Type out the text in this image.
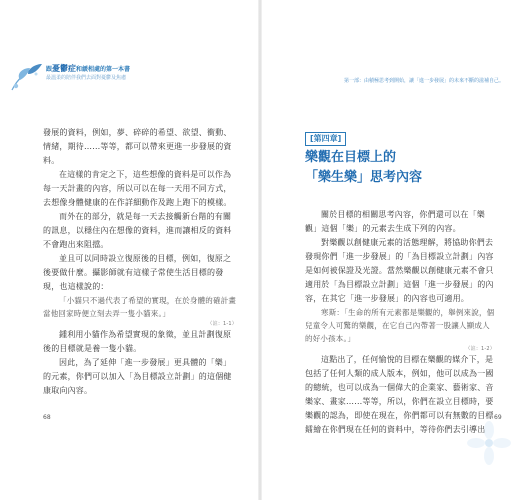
跟憂鬱症和緩相處的第一本書
最溫柔的陪伴我們去面對憂鬱及焦慮

發展的資料，例如，夢、碎碎的希望、欲望、衝動、情緒，期待……等等，都可以帶來更進一步發展的資料。

在這樣的肯定之下，這些想像的資料是可以作為每一天計畫的內容，所以可以在每一天用不同方式，去想像身體健康的在作詳細動作及跑上跑下的模樣。

而外在的部分，就是每一天去接觸新台階的有關的訊息，以穩住內在想像的資料，進而讓相反的資料不會跑出來阻擋。

並且可以同時設立復原後的目標，例如，復原之後要做什麼。攝影師就有這樣子常使生活目標的發現，也這樣說的：

「小貓只不過代表了希望的實現，在於身體的確計畫當他回家時便立刻去弄一隻小貓來。」

（註：1-1）

鍾利用小貓作為希望實現的象徵，並且計劃復原後的目標就是養一隻小貓。

因此，為了延伸「進一步發展」更具體的「樂」的元素，你們可以加入「為目標設立計劃」的這個健康取向內容。

68
第一部：由積極思考到開始，讓「進一步發展」的未來不斷的滋補自己。
[第四章]
樂觀在目標上的
「樂生樂」思考內容

關於目標的相關思考內容，你們還可以在「樂觀」這個「樂」的元素去生成下列的內容。

對樂觀以創健康元素的活態理解，將協助你們去發現你們「進一步發展」的「為目標設立計劃」內容是如何被保證及光證。當然樂觀以創健康元素不會只適用於「為目標設立計劃」這個「進一步發展」的內容，在其它「進一步發展」的內容也可適用。

寒斯：「生命的所有元素都是樂觀的，舉例來說，個兒童令人可驚的樂觀，在它自己內帶著一股讓人顯成人的好小孩本。」

（註：1-2）

這點出了，任何愉悅的目標在樂觀的媒介下，是包括了任何人類的成人版本，例如，他可以成為一國的總統，也可以成為一個偉大的企業家、藝術家、音樂家、畫家……等等，所以，你們在設立目標時，要樂觀的認為，即使在現在，你們都可以有無數的目標鐳繪在你們現在任何的資料中，等待你們去引導出

69
